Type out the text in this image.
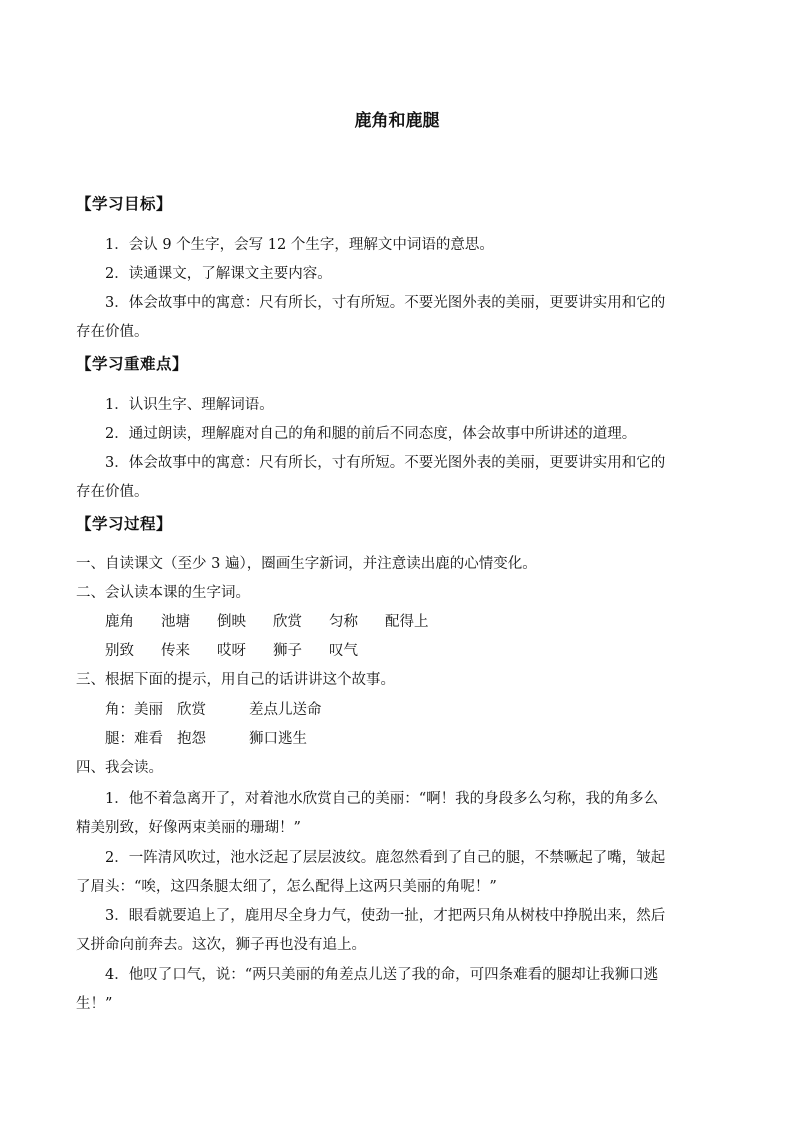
鹿角和鹿腿
【学习目标】
1．会认 9 个生字，会写 12 个生字，理解文中词语的意思。
2．读通课文，了解课文主要内容。
3．体会故事中的寓意：尺有所长，寸有所短。不要光图外表的美丽，更要讲实用和它的
存在价值。
【学习重难点】
1．认识生字、理解词语。
2．通过朗读，理解鹿对自己的角和腿的前后不同态度，体会故事中所讲述的道理。
3．体会故事中的寓意：尺有所长，寸有所短。不要光图外表的美丽，更要讲实用和它的
存在价值。
【学习过程】
一、自读课文（至少 3 遍），圈画生字新词，并注意读出鹿的心情变化。
二、会认读本课的生字词。
鹿角	池塘	倒映	欣赏	匀称	配得上
别致	传来	哎呀	狮子	叹气
三、根据下面的提示，用自己的话讲讲这个故事。
角：美丽 欣赏	差点儿送命
腿：难看 抱怨	狮口逃生
四、我会读。
1．他不着急离开了，对着池水欣赏自己的美丽：“啊！我的身段多么匀称，我的角多么
精美别致，好像两束美丽的珊瑚！”
2．一阵清风吹过，池水泛起了层层波纹。鹿忽然看到了自己的腿，不禁噘起了嘴，皱起
了眉头：“唉，这四条腿太细了，怎么配得上这两只美丽的角呢！”
3．眼看就要追上了，鹿用尽全身力气，使劲一扯，才把两只角从树枝中挣脱出来，然后
又拼命向前奔去。这次，狮子再也没有追上。
4．他叹了口气，说：“两只美丽的角差点儿送了我的命，可四条难看的腿却让我狮口逃
生！”
